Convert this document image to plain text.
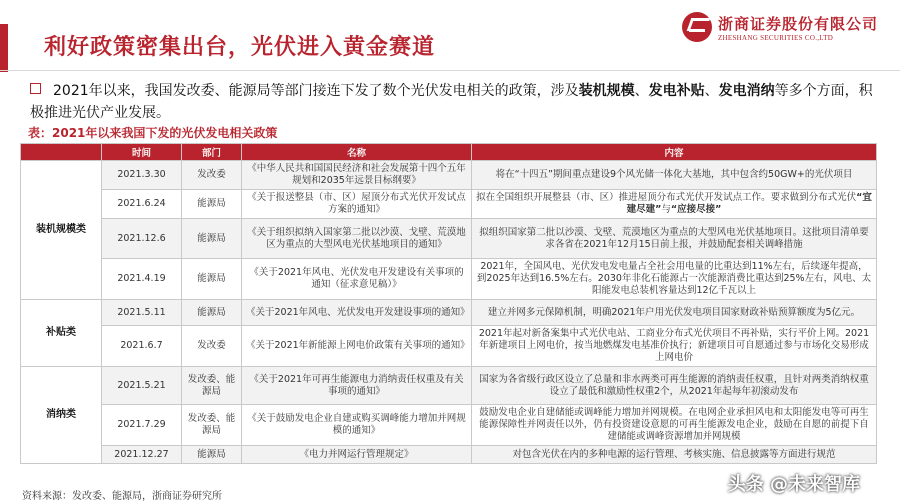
利好政策密集出台，光伏进入黄金赛道
浙商证券股份有限公司
ZHESHANG SECURITIES CO.,LTD
2021年以来，我国发改委、能源局等部门接连下发了数个光伏发电相关的政策，涉及装机规模、发电补贴、发电消纳等多个方面，积极推进光伏产业发展。
表：2021年以来我国下发的光伏发电相关政策
	时间	部门	名称	内容
装机规模类	2021.3.30	发改委	《中华人民共和国国民经济和社会发展第十四个五年规划和2035年远景目标纲要》	将在“十四五”期间重点建设9个风光储一体化大基地，其中包含约50GW+的光伏项目
	2021.6.24	能源局	《关于报送整县（市、区）屋顶分布式光伏开发试点方案的通知》	拟在全国组织开展整县（市、区）推进屋顶分布式光伏开发试点工作。要求做到分布式光伏“宜建尽建”与“应接尽接”
	2021.12.6	能源局	《关于组织拟纳入国家第二批以沙漠、戈壁、荒漠地区为重点的大型风电光伏基地项目的通知》	拟组织国家第二批以沙漠、戈壁、荒漠地区为重点的大型风电光伏基地项目。这批项目清单要求各省在2021年12月15日前上报，并鼓励配套相关调峰措施
	2021.4.19	能源局	《关于2021年风电、光伏发电开发建设有关事项的通知（征求意见稿）》	2021年，全国风电、光伏发电发电量占全社会用电量的比重达到11%左右，后续逐年提高，到2025年达到16.5%左右。2030年非化石能源占一次能源消费比重达到25%左右，风电、太阳能发电总装机容量达到12亿千瓦以上
补贴类	2021.5.11	能源局	《关于2021年风电、光伏发电开发建设事项的通知》	建立并网多元保障机制，明确2021年户用光伏发电项目国家财政补贴预算额度为5亿元。
	2021.6.7	发改委	《关于2021年新能源上网电价政策有关事项的通知》	2021年起对新备案集中式光伏电站、工商业分布式光伏项目不再补贴，实行平价上网。2021年新建项目上网电价，按当地燃煤发电基准价执行；新建项目可自愿通过参与市场化交易形成上网电价
消纳类	2021.5.21	发改委、能源局	《关于2021年可再生能源电力消纳责任权重及有关事项的通知》	国家为各省级行政区设立了总量和非水两类可再生能源的消纳责任权重，且针对两类消纳权重设立了最低和激励性权重2个，从2021年起每年初滚动发布
	2021.7.29	发改委、能源局	《关于鼓励发电企业自建或购买调峰能力增加并网规模的通知》	鼓励发电企业自建储能或调峰能力增加并网规模。在电网企业承担风电和太阳能发电等可再生能源保障性并网责任以外，仍有投资建设意愿的可再生能源发电企业，鼓励在自愿的前提下自建储能或调峰资源增加并网规模
	2021.12.27	能源局	《电力并网运行管理规定》	对包含光伏在内的多种电源的运行管理、考核实施、信息披露等方面进行规范
资料来源：发改委、能源局，浙商证券研究所
头条 @未来智库
